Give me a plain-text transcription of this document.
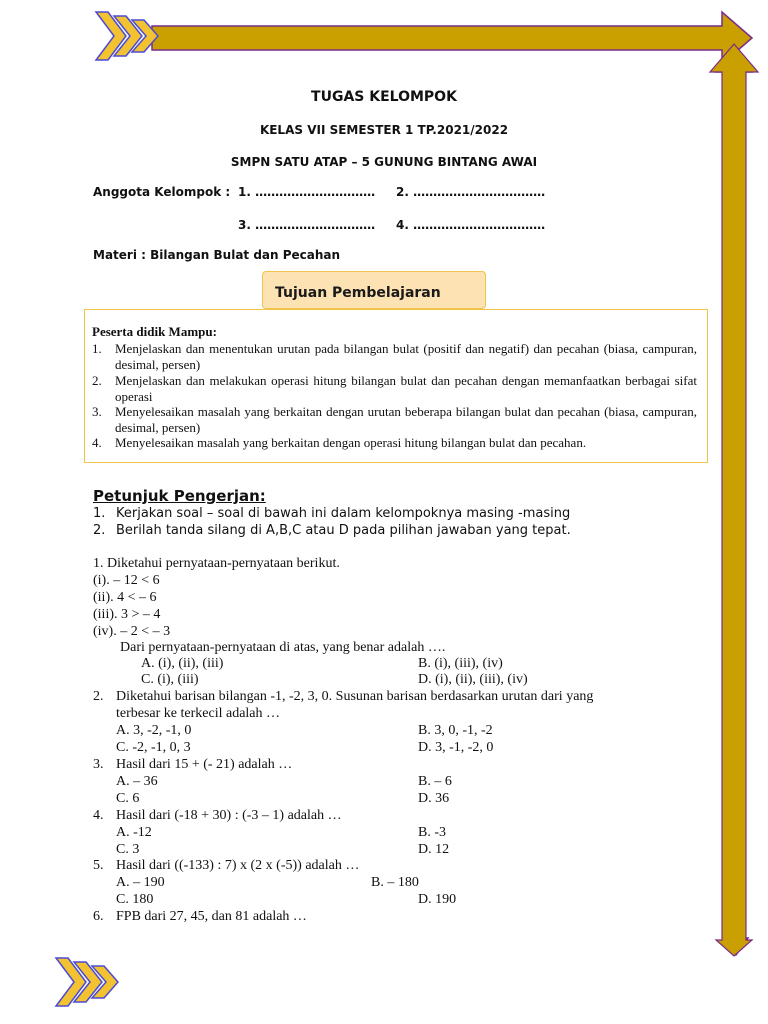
TUGAS KELOMPOK
KELAS VII SEMESTER 1 TP.2021/2022
SMPN SATU ATAP – 5 GUNUNG BINTANG AWAI
Anggota Kelompok : 1. ………………………… 2. ……………………………
3. ………………………… 4. ……………………………
Materi : Bilangan Bulat dan Pecahan
Tujuan Pembelajaran
Peserta didik Mampu:
1. Menjelaskan dan menentukan urutan pada bilangan bulat (positif dan negatif) dan pecahan (biasa, campuran, desimal, persen)
2. Menjelaskan dan melakukan operasi hitung bilangan bulat dan pecahan dengan memanfaatkan berbagai sifat operasi
3. Menyelesaikan masalah yang berkaitan dengan urutan beberapa bilangan bulat dan pecahan (biasa, campuran, desimal, persen)
4. Menyelesaikan masalah yang berkaitan dengan operasi hitung bilangan bulat dan pecahan.
Petunjuk Pengerjan:
1. Kerjakan soal – soal di bawah ini dalam kelompoknya masing -masing
2. Berilah tanda silang di A,B,C atau D pada pilihan jawaban yang tepat.
1. Diketahui pernyataan-pernyataan berikut.
(i). – 12 < 6
(ii). 4 < – 6
(iii). 3 > – 4
(iv). – 2 < – 3
Dari pernyataan-pernyataan di atas, yang benar adalah ….
A. (i), (ii), (iii)	B. (i), (iii), (iv)
C. (i), (iii)	D. (i), (ii), (iii), (iv)
2. Diketahui barisan bilangan -1, -2, 3, 0. Susunan barisan berdasarkan urutan dari yang
terbesar ke terkecil adalah …
A. 3, -2, -1, 0	B. 3, 0, -1, -2
C. -2, -1, 0, 3	D. 3, -1, -2, 0
3. Hasil dari 15 + (- 21) adalah …
A. – 36	B. – 6
C. 6	D. 36
4. Hasil dari (-18 + 30) : (-3 – 1) adalah …
A. -12	B. -3
C. 3	D. 12
5. Hasil dari ((-133) : 7) x (2 x (-5)) adalah …
A. – 190	B. – 180
C. 180	D. 190
6. FPB dari 27, 45, dan 81 adalah …
